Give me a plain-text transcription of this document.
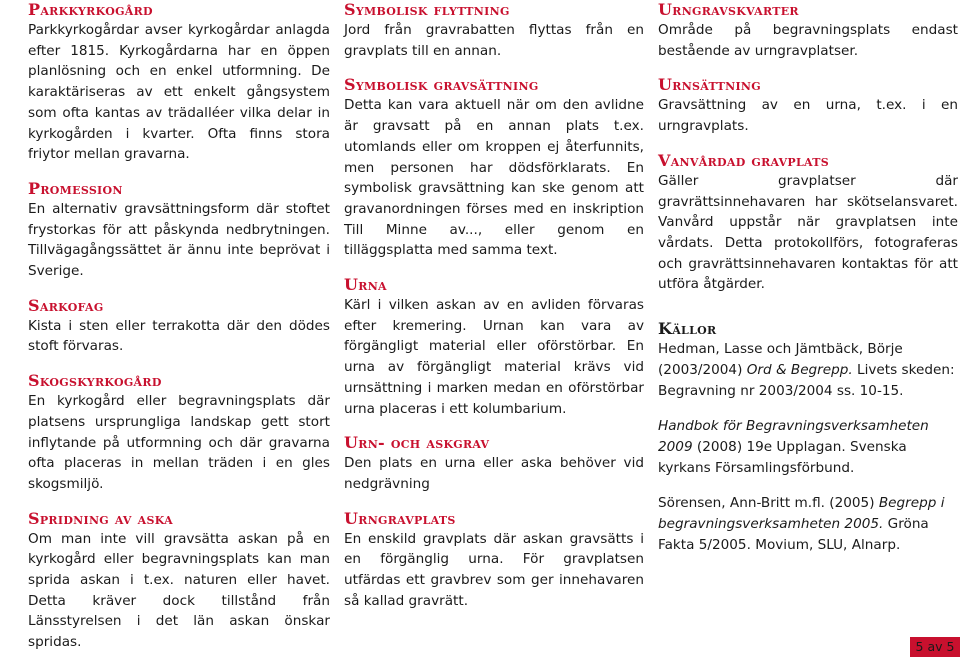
Parkkyrkogård
Parkkyrkogårdar avser kyrkogårdar anlagda efter 1815. Kyrkogårdarna har en öppen planlösning och en enkel utformning. De karaktäriseras av ett enkelt gångsystem som ofta kantas av trädalléer vilka delar in kyrkogården i kvarter. Ofta finns stora friytor mellan gravarna.
Promession
En alternativ gravsättningsform där stoftet frystorkas för att påskynda nedbrytningen. Tillvägagångssättet är ännu inte beprövat i Sverige.
Sarkofag
Kista i sten eller terrakotta där den dödes stoft förvaras.
Skogskyrkogård
En kyrkogård eller begravningsplats där platsens ursprungliga landskap gett stort inflytande på utformning och där gravarna ofta placeras in mellan träden i en gles skogsmiljö.
Spridning av aska
Om man inte vill gravsätta askan på en kyrkogård eller begravningsplats kan man sprida askan i t.ex. naturen eller havet. Detta kräver dock tillstånd från Länsstyrelsen i det län askan önskar spridas.
Symbolisk flyttning
Jord från gravrabatten flyttas från en gravplats till en annan.
Symbolisk gravsättning
Detta kan vara aktuell när om den avlidne är gravsatt på en annan plats t.ex. utomlands eller om kroppen ej återfunnits, men personen har dödsförklarats. En symbolisk gravsättning kan ske genom att gravanordningen förses med en inskription Till Minne av..., eller genom en tilläggsplatta med samma text.
Urna
Kärl i vilken askan av en avliden förvaras efter kremering. Urnan kan vara av förgängligt material eller oförstörbar. En urna av förgängligt material krävs vid urnsättning i marken medan en oförstörbar urna placeras i ett kolumbarium.
Urn- och askgrav
Den plats en urna eller aska behöver vid nedgrävning
Urngravplats
En enskild gravplats där askan gravsätts i en förgänglig urna. För gravplatsen utfärdas ett gravbrev som ger innehavaren så kallad gravrätt.
Urngravskvarter
Område på begravningsplats endast bestående av urngravplatser.
Urnsättning
Gravsättning av en urna, t.ex. i en urngravplats.
Vanvårdad gravplats
Gäller gravplatser där gravrättsinnehavaren har skötselansvaret. Vanvård uppstår när gravplatsen inte vårdats. Detta protokollförs, fotograferas och gravrättsinnehavaren kontaktas för att utföra åtgärder.
Källor
Hedman, Lasse och Jämtbäck, Börje (2003/2004) Ord & Begrepp. Livets skeden: Begravning nr 2003/2004 ss. 10-15.
Handbok för Begravningsverksamheten 2009 (2008) 19e Upplagan. Svenska kyrkans Församlingsförbund.
Sörensen, Ann-Britt m.fl. (2005) Begrepp i begravningsverksamheten 2005. Gröna Fakta 5/2005. Movium, SLU, Alnarp.
5 av 5
